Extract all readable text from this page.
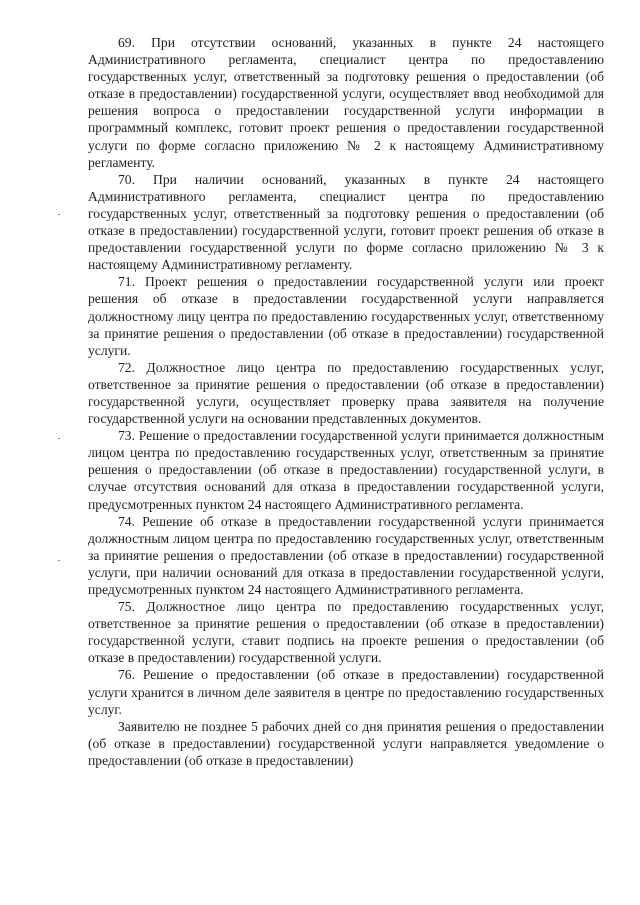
69. При отсутствии оснований, указанных в пункте 24 настоящего Административного регламента, специалист центра по предоставлению государственных услуг, ответственный за подготовку решения о предоставлении (об отказе в предоставлении) государственной услуги, осуществляет ввод необходимой для решения вопроса о предоставлении государственной услуги информации в программный комплекс, готовит проект решения о предоставлении государственной услуги по форме согласно приложению № 2 к настоящему Административному регламенту.

70. При наличии оснований, указанных в пункте 24 настоящего Административного регламента, специалист центра по предоставлению государственных услуг, ответственный за подготовку решения о предоставлении (об отказе в предоставлении) государственной услуги, готовит проект решения об отказе в предоставлении государственной услуги по форме согласно приложению № 3 к настоящему Административному регламенту.

71. Проект решения о предоставлении государственной услуги или проект решения об отказе в предоставлении государственной услуги направляется должностному лицу центра по предоставлению государственных услуг, ответственному за принятие решения о предоставлении (об отказе в предоставлении) государственной услуги.

72. Должностное лицо центра по предоставлению государственных услуг, ответственное за принятие решения о предоставлении (об отказе в предоставлении) государственной услуги, осуществляет проверку права заявителя на получение государственной услуги на основании представленных документов.

73. Решение о предоставлении государственной услуги принимается должностным лицом центра по предоставлению государственных услуг, ответственным за принятие решения о предоставлении (об отказе в предоставлении) государственной услуги, в случае отсутствия оснований для отказа в предоставлении государственной услуги, предусмотренных пунктом 24 настоящего Административного регламента.

74. Решение об отказе в предоставлении государственной услуги принимается должностным лицом центра по предоставлению государственных услуг, ответственным за принятие решения о предоставлении (об отказе в предоставлении) государственной услуги, при наличии оснований для отказа в предоставлении государственной услуги, предусмотренных пунктом 24 настоящего Административного регламента.

75. Должностное лицо центра по предоставлению государственных услуг, ответственное за принятие решения о предоставлении (об отказе в предоставлении) государственной услуги, ставит подпись на проекте решения о предоставлении (об отказе в предоставлении) государственной услуги.

76. Решение о предоставлении (об отказе в предоставлении) государственной услуги хранится в личном деле заявителя в центре по предоставлению государственных услуг.

Заявителю не позднее 5 рабочих дней со дня принятия решения о предоставлении (об отказе в предоставлении) государственной услуги направляется уведомление о предоставлении (об отказе в предоставлении)
